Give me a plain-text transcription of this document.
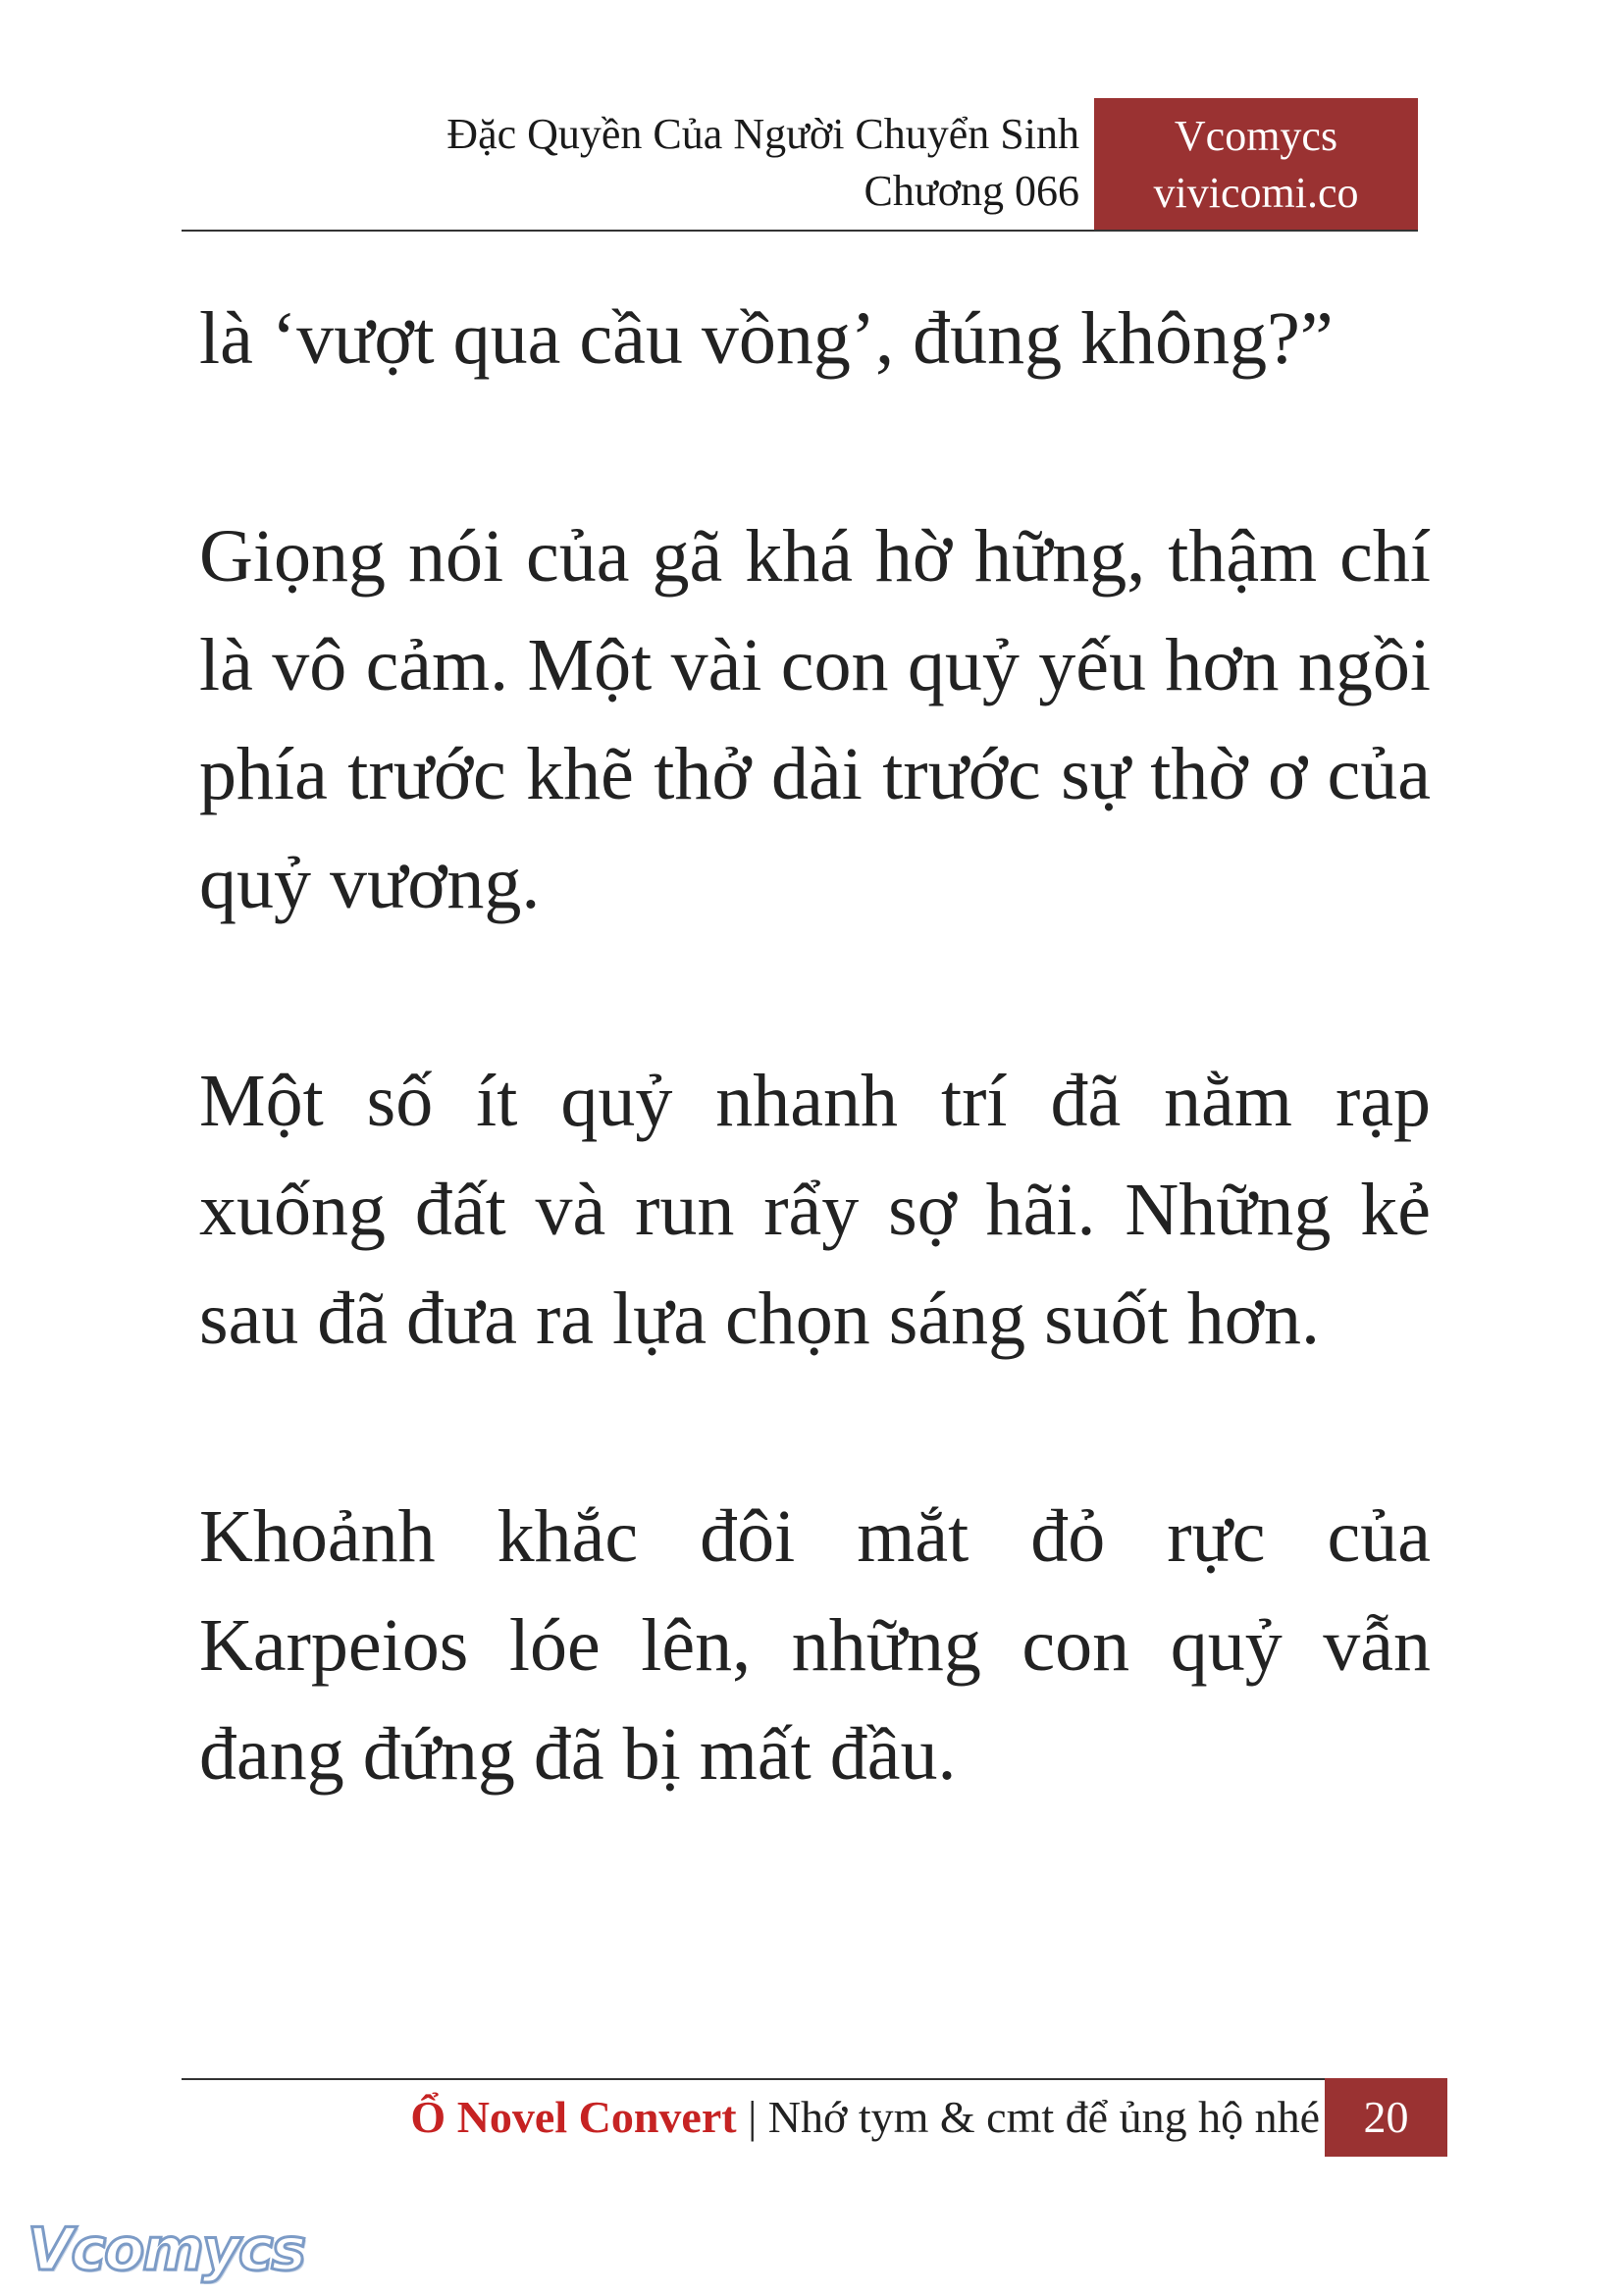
Đặc Quyền Của Người Chuyển Sinh
Chương 066
Vcomycs
vivicomi.co

là ‘vượt qua cầu vồng’, đúng không?”

Giọng nói của gã khá hờ hững, thậm chí là vô cảm. Một vài con quỷ yếu hơn ngồi phía trước khẽ thở dài trước sự thờ ơ của quỷ vương.

Một số ít quỷ nhanh trí đã nằm rạp xuống đất và run rẩy sợ hãi. Những kẻ sau đã đưa ra lựa chọn sáng suốt hơn.

Khoảnh khắc đôi mắt đỏ rực của Karpeios lóe lên, những con quỷ vẫn đang đứng đã bị mất đầu.

Ổ Novel Convert | Nhớ tym & cmt để ủng hộ nhé 20
Vcomycs
